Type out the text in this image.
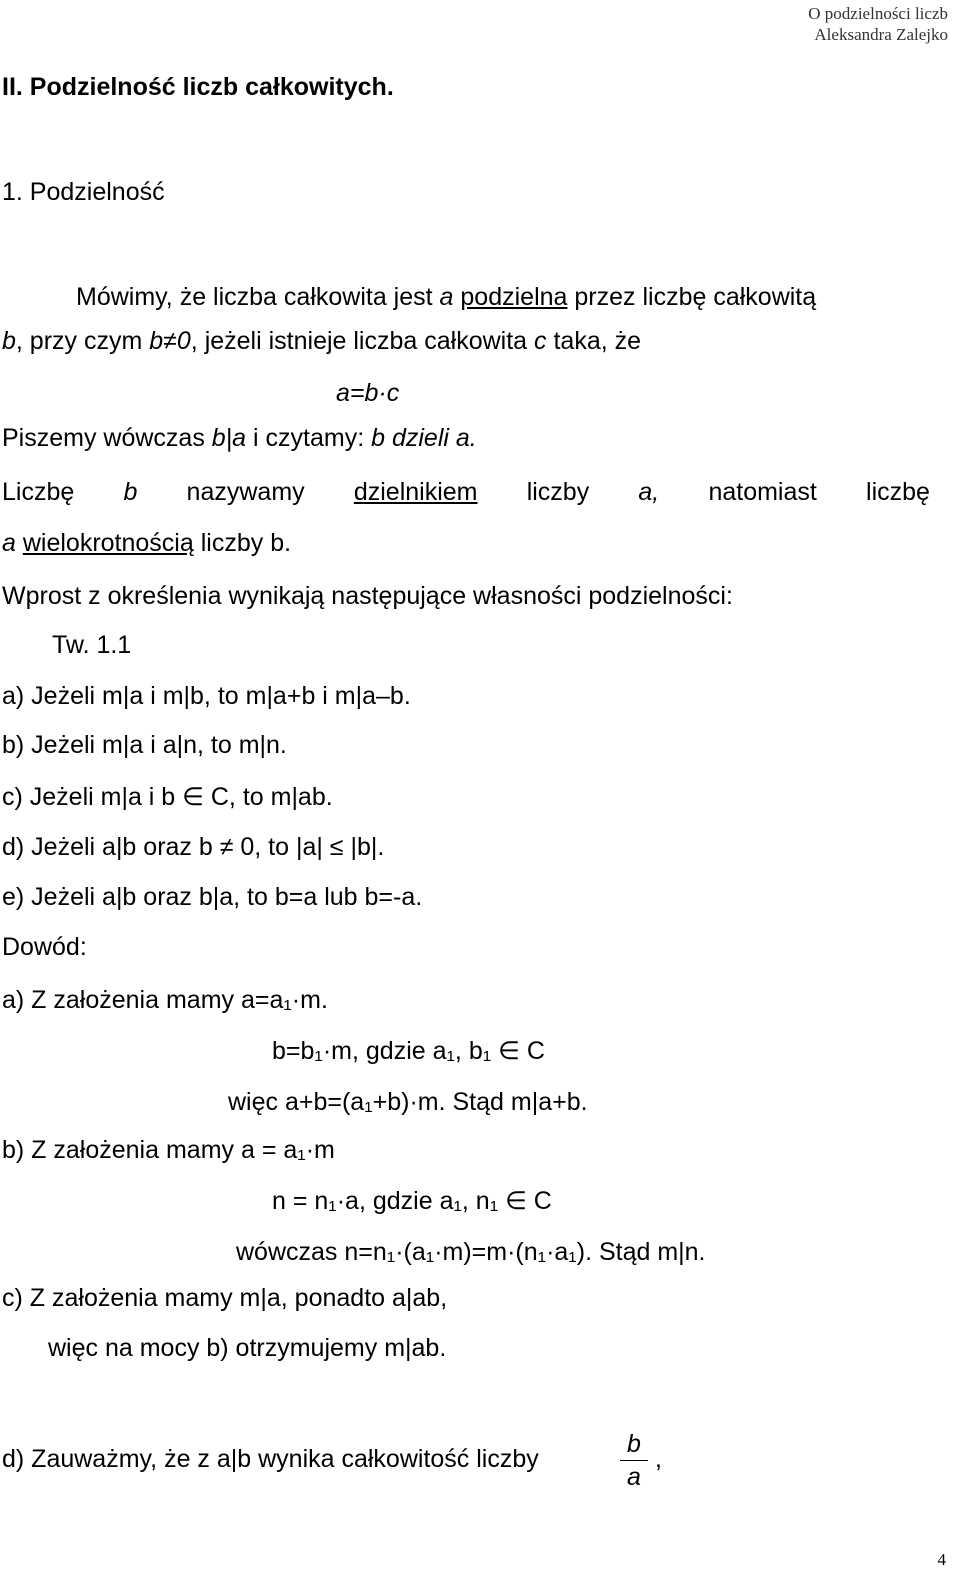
O podzielności liczb
Aleksandra Zalejko
II. Podzielność liczb całkowitych.
1. Podzielność
Mówimy, że liczba całkowita jest a podzielna przez liczbę całkowitą
b, przy czym b≠0, jeżeli istnieje liczba całkowita c taka, że
a=b·c
Piszemy wówczas b|a i czytamy: b dzieli a.
Liczbę b nazywamy dzielnikiem liczby a, natomiast liczbę
a wielokrotnością liczby b.
Wprost z określenia wynikają następujące własności podzielności:
Tw. 1.1
a) Jeżeli m|a i m|b, to m|a+b i m|a–b.
b) Jeżeli m|a i a|n, to m|n.
c) Jeżeli m|a i b ∈ C, to m|ab.
d) Jeżeli a|b oraz b ≠ 0, to |a| ≤ |b|.
e) Jeżeli a|b oraz b|a, to b=a lub b=-a.
Dowód:
a) Z założenia mamy a=a₁·m.
b=b₁·m, gdzie a₁, b₁ ∈ C
więc a+b=(a₁+b)·m. Stąd m|a+b.
b) Z założenia mamy a = a₁·m
n = n₁·a, gdzie a₁, n₁ ∈ C
wówczas n=n₁·(a₁·m)=m·(n₁·a₁). Stąd m|n.
c) Z założenia mamy m|a, ponadto a|ab,
więc na mocy b) otrzymujemy m|ab.
d) Zauważmy, że z a|b wynika całkowitość liczby
b
a
,
4
